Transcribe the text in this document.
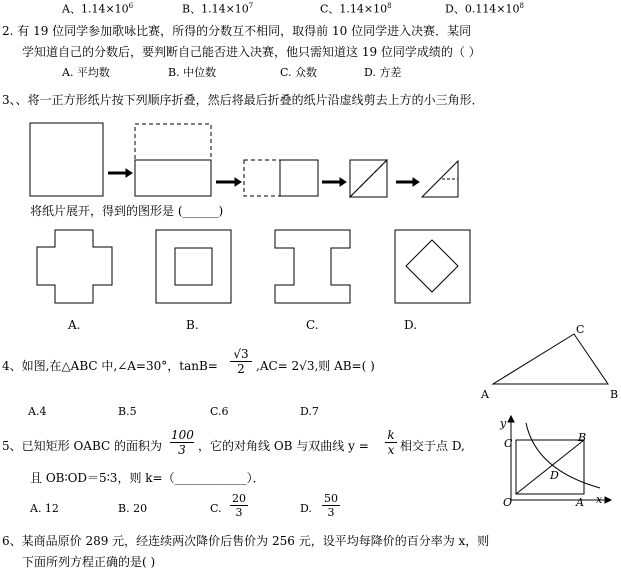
A、$1.14\times 10^6$	B、$1.14\times 10^7$	C、$1.14\times 10^8$	D、$0.114\times 10^8$
2. 有 19 位同学参加歌咏比赛，所得的分数互不相同，取得前 10 位同学进入决赛．某同
学知道自己的分数后，要判断自己能否进入决赛，他只需知道这 19 位同学成绩的（ ）
A. 平均数	B. 中位数	C. 众数	D. 方差
3、、将一正方形纸片按下列顺序折叠，然后将最后折叠的纸片沿虚线剪去上方的小三角形．
将纸片展开，得到的图形是 (______)
A.	B.	C.	D.
4、如图,在△ABC 中,∠A=30°，$\tan B= \frac{√3}{2} ,AC= 2√3$,则 AB=( )
A.4	B.5	C.6	D.7
A	B
C
5、已知矩形 OABC 的面积为 $\frac{100}{3}$ ，它的对角线 OB 与双曲线 $y = \frac{k}{x}$ 相交于点 D,
且 OB∶OD＝5∶3，则 k=（____________）．
A. 12	B. 20	C. $\frac{20}{3}$	D. $\frac{50}{3}$
y
x
O	A
B
C
D
6、某商品原价 289 元，经连续两次降价后售价为 256 元，设平均每降价的百分率为 x，则
下面所列方程正确的是( )
